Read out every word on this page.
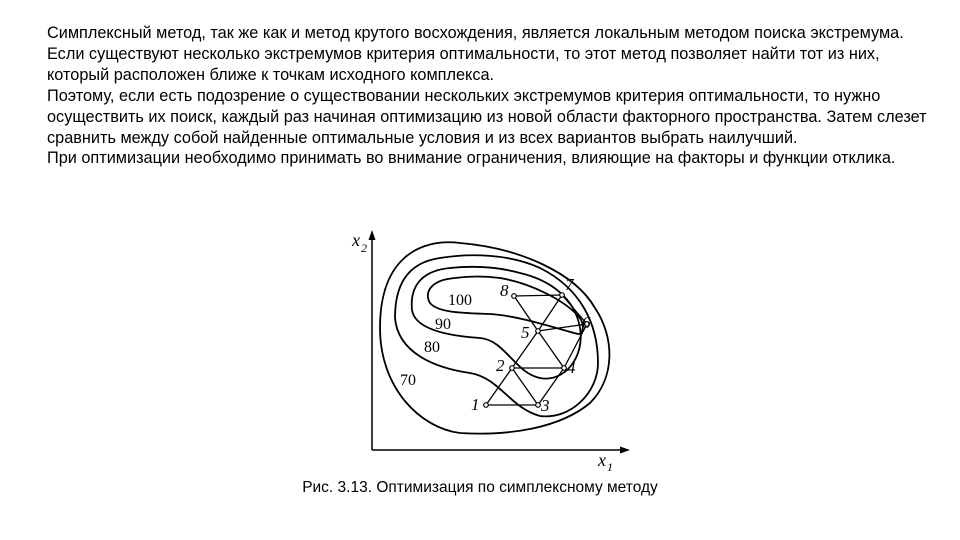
Симплексный метод, так же как и метод крутого восхождения, является локальным методом поиска экстремума. Если существуют несколько экстремумов критерия оптимальности, то этот метод позволяет найти тот из них, который расположен ближе к точкам исходного комплекса.

Поэтому, если есть подозрение о существовании нескольких экстремумов критерия оптимальности, то нужно осуществить их поиск, каждый раз начиная оптимизацию из новой области факторного пространства. Затем слезет сравнить между собой найденные оптимальные условия и из всех вариантов выбрать наилучший.

При оптимизации необходимо принимать во внимание ограничения, влияющие на факторы и функции отклика.

x 2
x 1
100
90
80
70
1
2
3
4
5
6
7
8
Рис. 3.13. Оптимизация по симплексному методу
